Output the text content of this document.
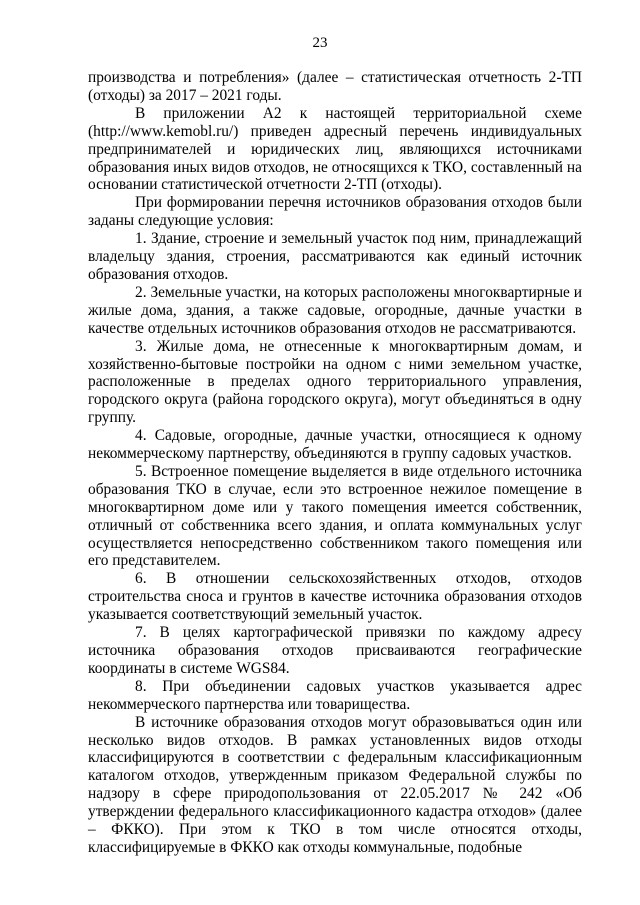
23

производства и потребления» (далее – статистическая отчетность 2-ТП (отходы) за 2017 – 2021 годы.

В приложении А2 к настоящей территориальной схеме (http://www.kemobl.ru/) приведен адресный перечень индивидуальных предпринимателей и юридических лиц, являющихся источниками образования иных видов отходов, не относящихся к ТКО, составленный на основании статистической отчетности 2-ТП (отходы).

При формировании перечня источников образования отходов были заданы следующие условия:

1. Здание, строение и земельный участок под ним, принадлежащий владельцу здания, строения, рассматриваются как единый источник образования отходов.

2. Земельные участки, на которых расположены многоквартирные и жилые дома, здания, а также садовые, огородные, дачные участки в качестве отдельных источников образования отходов не рассматриваются.

3. Жилые дома, не отнесенные к многоквартирным домам, и хозяйственно-бытовые постройки на одном с ними земельном участке, расположенные в пределах одного территориального управления, городского округа (района городского округа), могут объединяться в одну группу.

4. Садовые, огородные, дачные участки, относящиеся к одному некоммерческому партнерству, объединяются в группу садовых участков.

5. Встроенное помещение выделяется в виде отдельного источника образования ТКО в случае, если это встроенное нежилое помещение в многоквартирном доме или у такого помещения имеется собственник, отличный от собственника всего здания, и оплата коммунальных услуг осуществляется непосредственно собственником такого помещения или его представителем.

6. В отношении сельскохозяйственных отходов, отходов строительства сноса и грунтов в качестве источника образования отходов указывается соответствующий земельный участок.

7. В целях картографической привязки по каждому адресу источника образования отходов присваиваются географические координаты в системе WGS84.

8. При объединении садовых участков указывается адрес некоммерческого партнерства или товарищества.

В источнике образования отходов могут образовываться один или несколько видов отходов. В рамках установленных видов отходы классифицируются в соответствии с федеральным классификационным каталогом отходов, утвержденным приказом Федеральной службы по надзору в сфере природопользования от 22.05.2017 № 242 «Об утверждении федерального классификационного кадастра отходов» (далее – ФККО). При этом к ТКО в том числе относятся отходы, классифицируемые в ФККО как отходы коммунальные, подобные
